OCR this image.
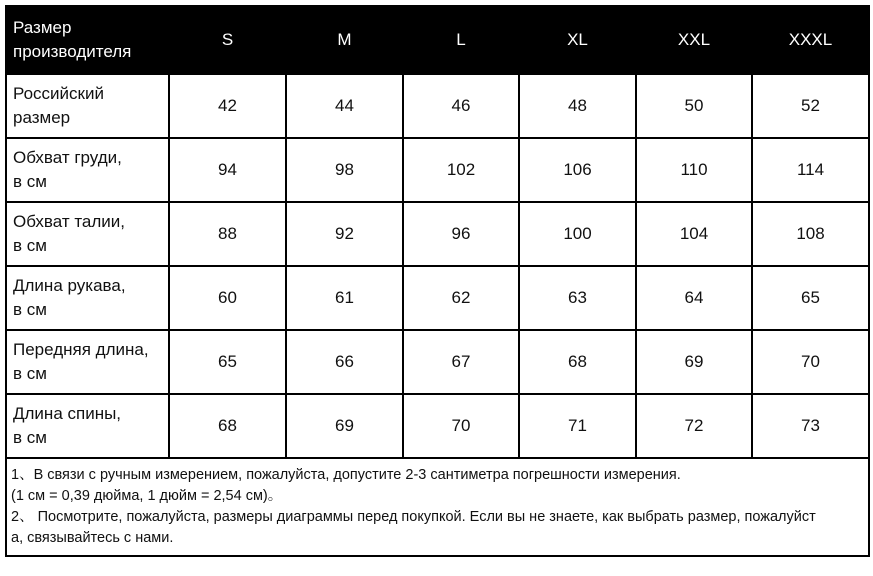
Размер
производителя	S	M	L	XL	XXL	XXXL
Российский
размер	42	44	46	48	50	52
Обхват груди,
в см	94	98	102	106	110	114
Обхват талии,
в см	88	92	96	100	104	108
Длина рукава,
в см	60	61	62	63	64	65
Передняя длина,
в см	65	66	67	68	69	70
Длина спины,
в см	68	69	70	71	72	73

1、В связи с ручным измерением, пожалуйста, допустите 2-3 сантиметра погрешности измерения.
(1 см = 0,39 дюйма, 1 дюйм = 2,54 см)。
2、 Посмотрите, пожалуйста, размеры диаграммы перед покупкой. Если вы не знаете, как выбрать размер, пожалуйст
а, связывайтесь с нами.						
